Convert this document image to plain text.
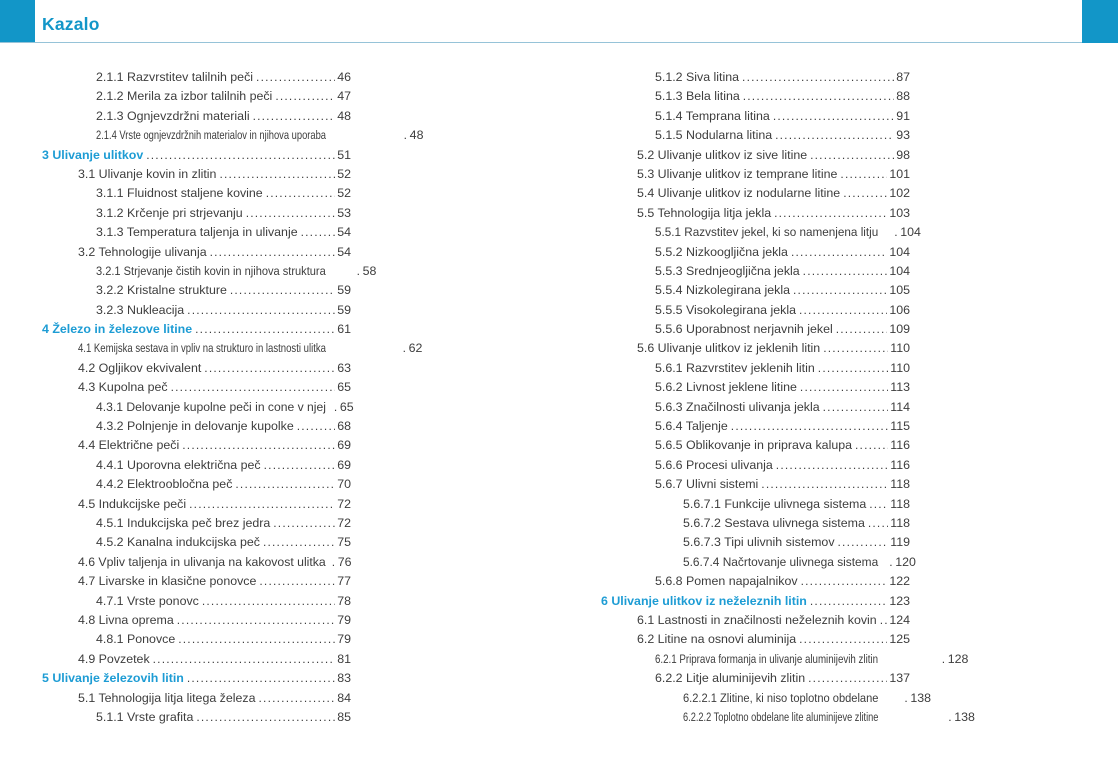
Kazalo
2.1.1 Razvrstitev talilnih peči .....	46
2.1.2 Merila za izbor talilnih peči .....	47
2.1.3 Ognjevzdržni materiali .....	48
2.1.4 Vrste ognjevzdržnih materialov in njihova uporaba .....	48
3 Ulivanje ulitkov .....	51
3.1 Ulivanje kovin in zlitin .....	52
3.1.1 Fluidnost staljene kovine .....	52
3.1.2 Krčenje pri strjevanju .....	53
3.1.3 Temperatura taljenja in ulivanje .....	54
3.2 Tehnologije ulivanja .....	54
3.2.1 Strjevanje čistih kovin in njihova struktura .....	58
3.2.2 Kristalne strukture .....	59
3.2.3 Nukleacija .....	59
4 Železo in železove litine .....	61
4.1 Kemijska sestava in vpliv na strukturo in lastnosti ulitka .....	62
4.2 Ogljikov ekvivalent .....	63
4.3 Kupolna peč .....	65
4.3.1 Delovanje kupolne peči in cone v njej ..... 65
4.3.2 Polnjenje in delovanje kupolke .....	68
4.4 Električne peči .....	69
4.4.1 Uporovna električna peč .....	69
4.4.2 Elektroobločna peč .....	70
4.5 Indukcijske peči .....	72
4.5.1 Indukcijska peč brez jedra .....	72
4.5.2 Kanalna indukcijska peč .....	75
4.6 Vpliv taljenja in ulivanja na kakovost ulitka ..... 76
4.7 Livarske in klasične ponovce .....	77
4.7.1 Vrste ponovc .....	78
4.8 Livna oprema .....	79
4.8.1 Ponovce .....	79
4.9 Povzetek .....	81
5 Ulivanje železovih litin .....	83
5.1 Tehnologija litja litega železa .....	84
5.1.1 Vrste grafita .....	85
5.1.2 Siva litina .....	87
5.1.3 Bela litina .....	88
5.1.4 Temprana litina .....	91
5.1.5 Nodularna litina .....	93
5.2 Ulivanje ulitkov iz sive litine .....	98
5.3 Ulivanje ulitkov iz temprane litine .....	101
5.4 Ulivanje ulitkov iz nodularne litine .....	102
5.5 Tehnologija litja jekla .....	103
5.5.1 Razvstitev jekel, ki so namenjena litju ..... 104
5.5.2 Nizkoogljična jekla .....	104
5.5.3 Srednjeogljična jekla .....	104
5.5.4 Nizkolegirana jekla .....	105
5.5.5 Visokolegirana jekla .....	106
5.5.6 Uporabnost nerjavnih jekel .....	109
5.6 Ulivanje ulitkov iz jeklenih litin .....	110
5.6.1 Razvrstitev jeklenih litin .....	110
5.6.2 Livnost jeklene litine .....	113
5.6.3 Značilnosti ulivanja jekla .....	114
5.6.4 Taljenje .....	115
5.6.5 Oblikovanje in priprava kalupa .....	116
5.6.6 Procesi ulivanja .....	116
5.6.7 Ulivni sistemi .....	118
5.6.7.1 Funkcije ulivnega sistema ..... 118
5.6.7.2 Sestava ulivnega sistema ..... 118
5.6.7.3 Tipi ulivnih sistemov .....	119
5.6.7.4 Načrtovanje ulivnega sistema ..... 120
5.6.8 Pomen napajalnikov .....	122
6 Ulivanje ulitkov iz neželeznih litin .....	123
6.1 Lastnosti in značilnosti neželeznih kovin ..... 124
6.2 Litine na osnovi aluminija .....	125
6.2.1 Priprava formanja in ulivanje aluminijevih zlitin .....	128
6.2.2 Litje aluminijevih zlitin .....	137
6.2.2.1 Zlitine, ki niso toplotno obdelane .....	138
6.2.2.2 Toplotno obdelane lite aluminijeve zlitine .....	138
